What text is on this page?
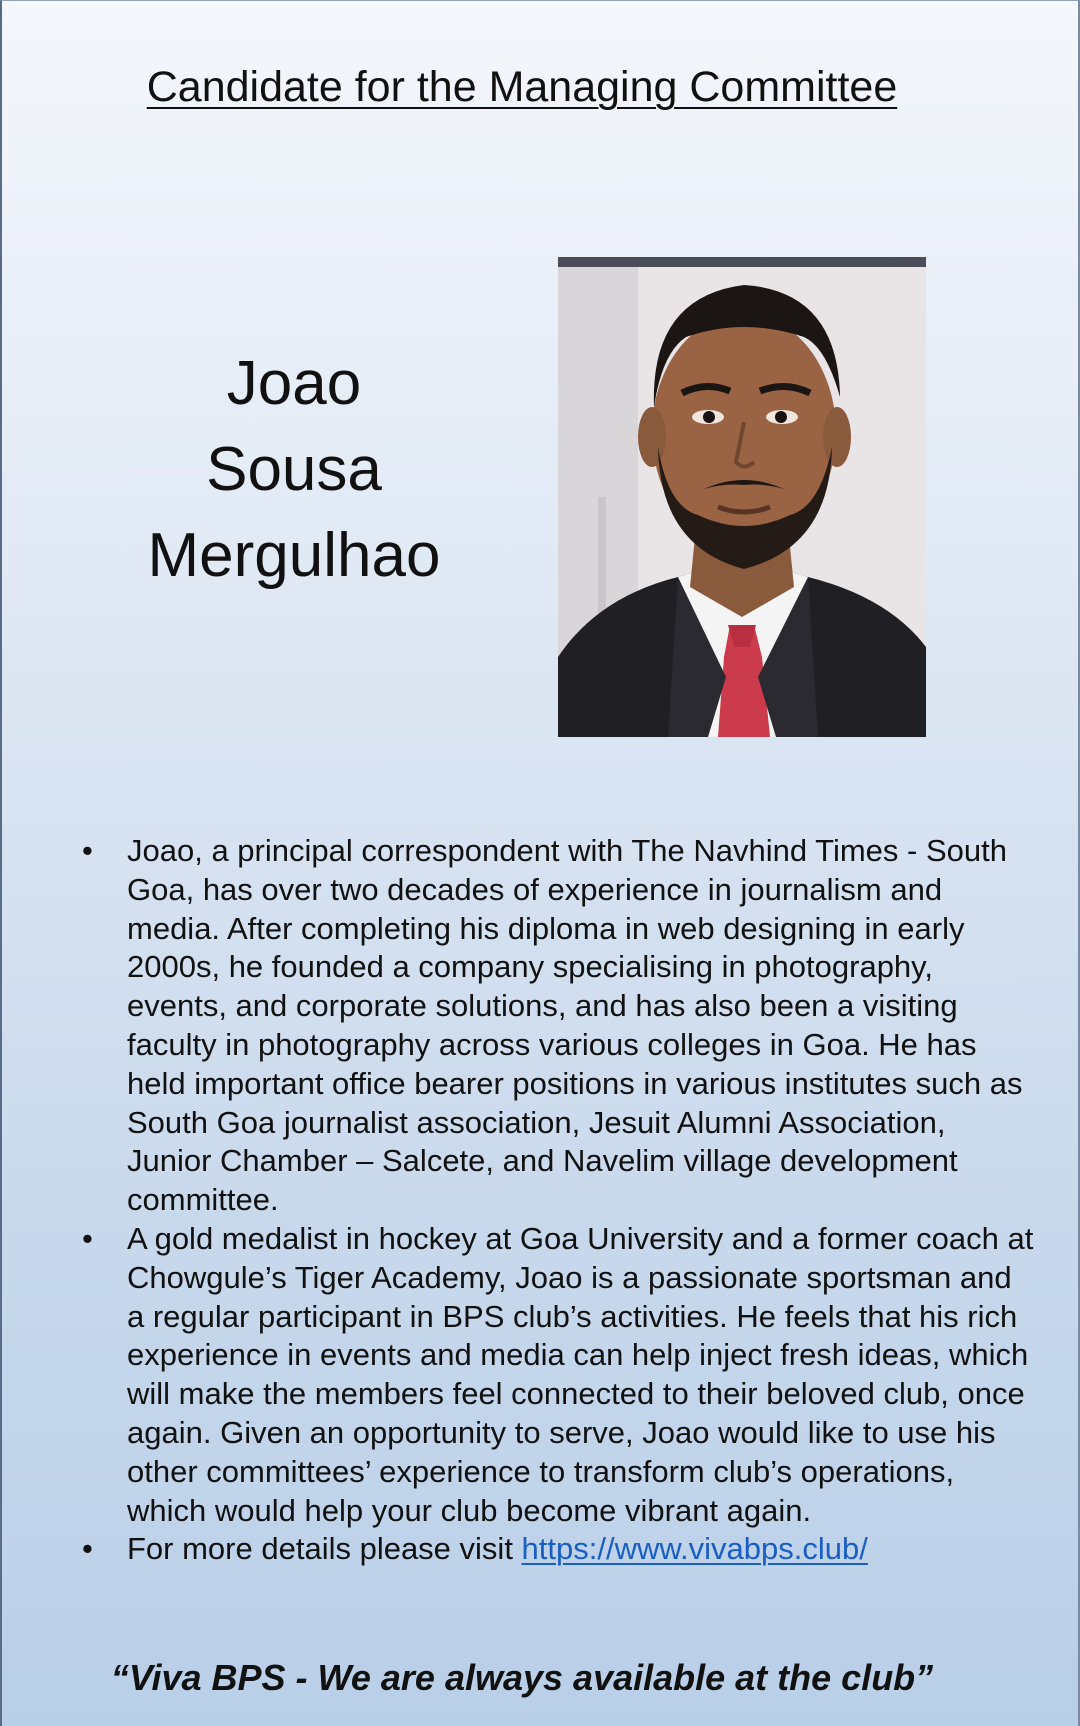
Candidate for the Managing Committee
Joao
Sousa
Mergulhao
• Joao, a principal correspondent with The Navhind Times - South Goa, has over two decades of experience in journalism and media. After completing his diploma in web designing in early 2000s, he founded a company specialising in photography, events, and corporate solutions, and has also been a visiting faculty in photography across various colleges in Goa. He has held important office bearer positions in various institutes such as South Goa journalist association, Jesuit Alumni Association, Junior Chamber – Salcete, and Navelim village development committee.
• A gold medalist in hockey at Goa University and a former coach at Chowgule’s Tiger Academy, Joao is a passionate sportsman and a regular participant in BPS club’s activities. He feels that his rich experience in events and media can help inject fresh ideas, which will make the members feel connected to their beloved club, once again. Given an opportunity to serve, Joao would like to use his other committees’ experience to transform club’s operations, which would help your club become vibrant again.
• For more details please visit https://www.vivabps.club/
“Viva BPS - We are always available at the club”
